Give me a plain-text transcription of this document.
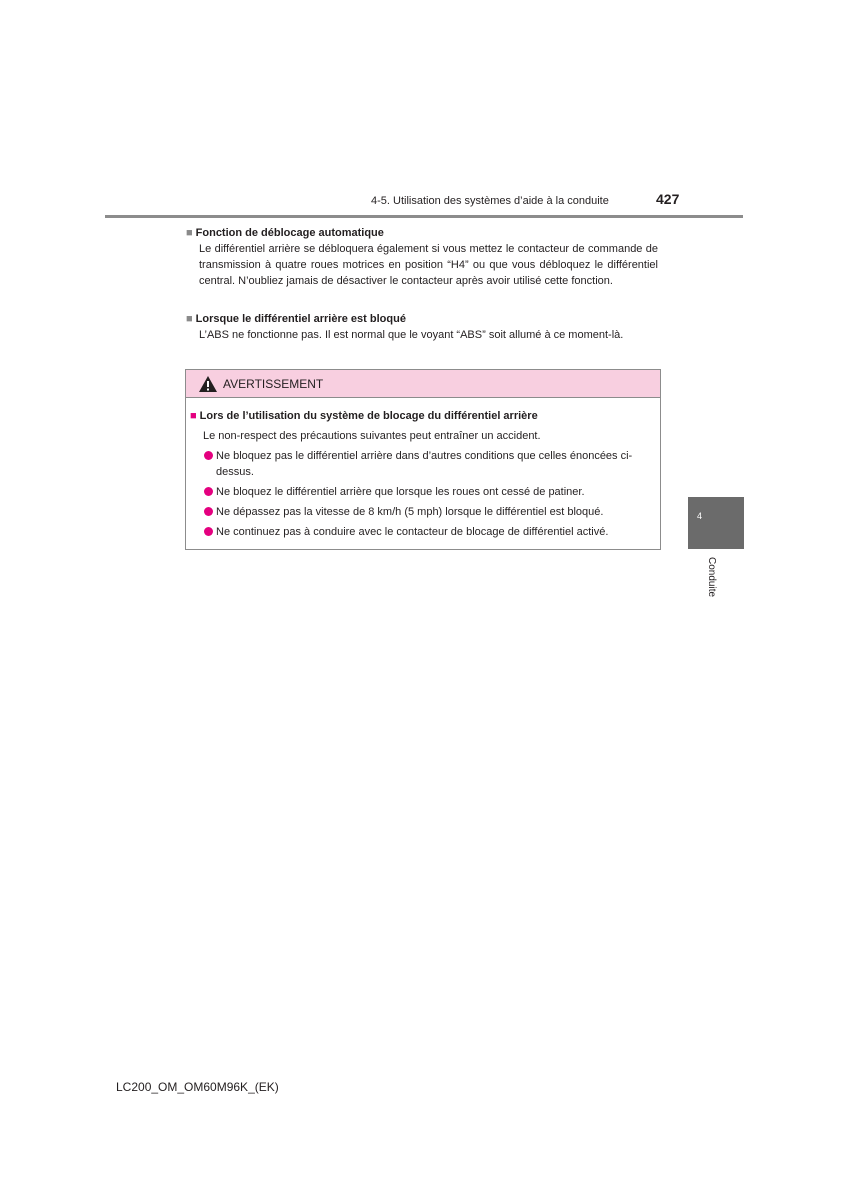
4-5. Utilisation des systèmes d’aide à la conduite	427
4
Conduite
■ Fonction de déblocage automatique
Le différentiel arrière se débloquera également si vous mettez le contacteur de commande de transmission à quatre roues motrices en position “H4” ou que vous débloquez le différentiel central. N’oubliez jamais de désactiver le contacteur après avoir utilisé cette fonction.
■ Lorsque le différentiel arrière est bloqué
L’ABS ne fonctionne pas. Il est normal que le voyant “ABS” soit allumé à ce moment-là.
AVERTISSEMENT
■ Lors de l’utilisation du système de blocage du différentiel arrière
Le non-respect des précautions suivantes peut entraîner un accident.
Ne bloquez pas le différentiel arrière dans d’autres conditions que celles énoncées ci-dessus.
Ne bloquez le différentiel arrière que lorsque les roues ont cessé de patiner.
Ne dépassez pas la vitesse de 8 km/h (5 mph) lorsque le différentiel est bloqué.
Ne continuez pas à conduire avec le contacteur de blocage de différentiel activé.
LC200_OM_OM60M96K_(EK)
